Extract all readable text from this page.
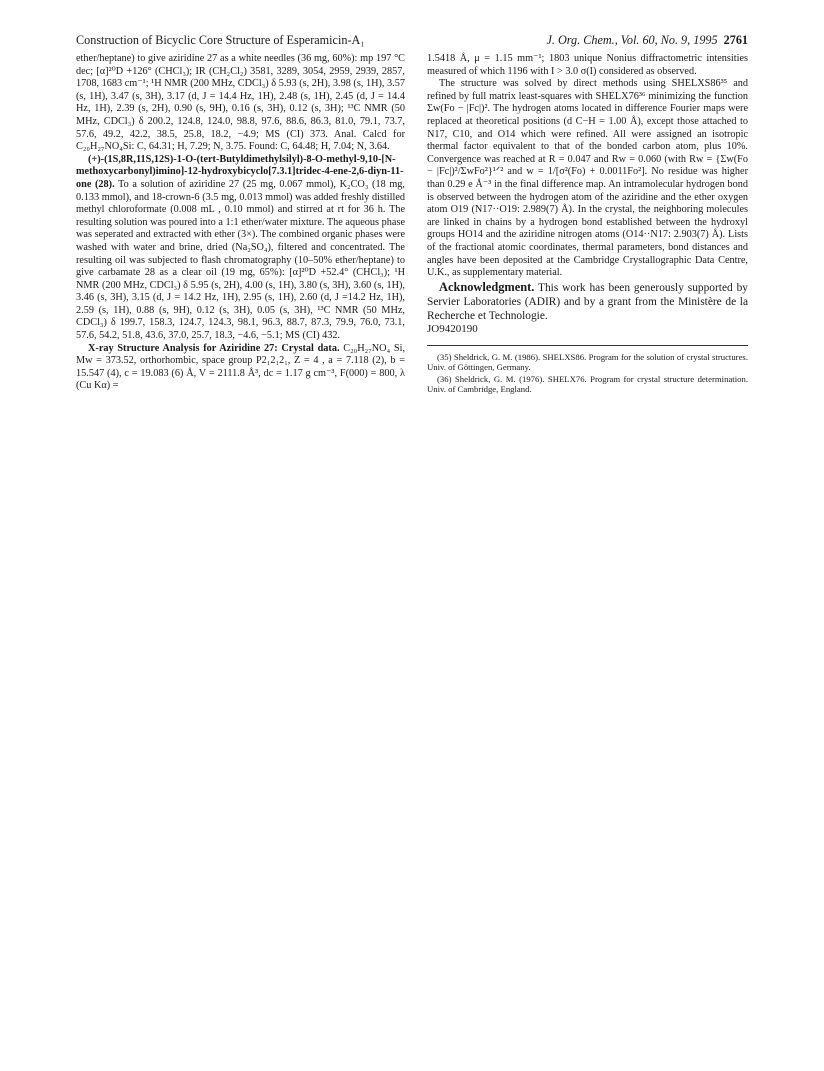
Construction of Bicyclic Core Structure of Esperamicin-A₁	J. Org. Chem., Vol. 60, No. 9, 1995 2761

ether/heptane) to give aziridine 27 as a white needles (36 mg, 60%): mp 197 °C dec; [α]²⁰D +126° (CHCl₃); IR (CH₂Cl₂) 3581, 3289, 3054, 2959, 2939, 2857, 1708, 1683 cm⁻¹; ¹H NMR (200 MHz, CDCl₃) δ 5.93 (s, 2H), 3.98 (s, 1H), 3.57 (s, 1H), 3.47 (s, 3H), 3.17 (d, J = 14.4 Hz, 1H), 2.48 (s, 1H), 2.45 (d, J = 14.4 Hz, 1H), 2.39 (s, 2H), 0.90 (s, 9H), 0.16 (s, 3H), 0.12 (s, 3H); ¹³C NMR (50 MHz, CDCl₃) δ 200.2, 124.8, 124.0, 98.8, 97.6, 88.6, 86.3, 81.0, 79.1, 73.7, 57.6, 49.2, 42.2, 38.5, 25.8, 18.2, −4.9; MS (CI) 373. Anal. Calcd for C₂₀H₂₇NO₄Si: C, 64.31; H, 7.29; N, 3.75. Found: C, 64.48; H, 7.04; N, 3.64.

(+)-(1S,8R,11S,12S)-1-O-(tert-Butyldimethylsilyl)-8-O-methyl-9,10-[N-methoxycarbonyl)imino]-12-hydroxybicyclo[7.3.1]tridec-4-ene-2,6-diyn-11-one (28). To a solution of aziridine 27 (25 mg, 0.067 mmol), K₂CO₃ (18 mg, 0.133 mmol), and 18-crown-6 (3.5 mg, 0.013 mmol) was added freshly distilled methyl chloroformate (0.008 mL , 0.10 mmol) and stirred at rt for 36 h. The resulting solution was poured into a 1:1 ether/water mixture. The aqueous phase was seperated and extracted with ether (3×). The combined organic phases were washed with water and brine, dried (Na₂SO₄), filtered and concentrated. The resulting oil was subjected to flash chromatography (10–50% ether/heptane) to give carbamate 28 as a clear oil (19 mg, 65%): [α]²⁰D +52.4° (CHCl₃); ¹H NMR (200 MHz, CDCl₃) δ 5.95 (s, 2H), 4.00 (s, 1H), 3.80 (s, 3H), 3.60 (s, 1H), 3.46 (s, 3H), 3.15 (d, J = 14.2 Hz, 1H), 2.95 (s, 1H), 2.60 (d, J =14.2 Hz, 1H), 2.59 (s, 1H), 0.88 (s, 9H), 0.12 (s, 3H), 0.05 (s, 3H), ¹³C NMR (50 MHz, CDCl₃) δ 199.7, 158.3, 124.7, 124.3, 98.1, 96.3, 88.7, 87.3, 79.9, 76.0, 73.1, 57.6, 54.2, 51.8, 43.6, 37.0, 25.7, 18.3, −4.6, −5.1; MS (CI) 432.

X-ray Structure Analysis for Aziridine 27: Crystal data. C₂₀H₂₇NO₄ Si, Mw = 373.52, orthorhombic, space group P2₁2₁2₁, Z = 4 , a = 7.118 (2), b = 15.547 (4), c = 19.083 (6) Å, V = 2111.8 Å³, dc = 1.17 g cm⁻³, F(000) = 800, λ (Cu Kα) =

1.5418 Å, μ = 1.15 mm⁻¹; 1803 unique Nonius diffractometric intensities measured of which 1196 with I > 3.0 σ(I) considered as observed.

The structure was solved by direct methods using SHELXS86³⁵ and refined by full matrix least-squares with SHELX76³⁶ minimizing the function Σw(Fo − |Fc|)². The hydrogen atoms located in difference Fourier maps were replaced at theoretical positions (d C−H = 1.00 Å), except those attached to N17, C10, and O14 which were refined. All were assigned an isotropic thermal factor equivalent to that of the bonded carbon atom, plus 10%. Convergence was reached at R = 0.047 and Rw = 0.060 (with Rw = {Σw(Fo − |Fc|)²/ΣwFo²}¹ᐟ² and w = 1/[σ²(Fo) + 0.0011Fo²]. No residue was higher than 0.29 e Å⁻³ in the final difference map. An intramolecular hydrogen bond is observed between the hydrogen atom of the aziridine and the ether oxygen atom O19 (N17··O19: 2.989(7) Å). In the crystal, the neighboring molecules are linked in chains by a hydrogen bond established between the hydroxyl groups HO14 and the aziridine nitrogen atoms (O14··N17: 2.903(7) Å). Lists of the fractional atomic coordinates, thermal parameters, bond distances and angles have been deposited at the Cambridge Crystallographic Data Centre, U.K., as supplementary material.

Acknowledgment. This work has been generously supported by Servier Laboratories (ADIR) and by a grant from the Ministère de la Recherche et Technologie.

JO9420190

(35) Sheldrick, G. M. (1986). SHELXS86. Program for the solution of crystal structures. Univ. of Göttingen, Germany.

(36) Sheldrick, G. M. (1976). SHELX76. Program for crystal structure determination. Univ. of Cambridge, England.
